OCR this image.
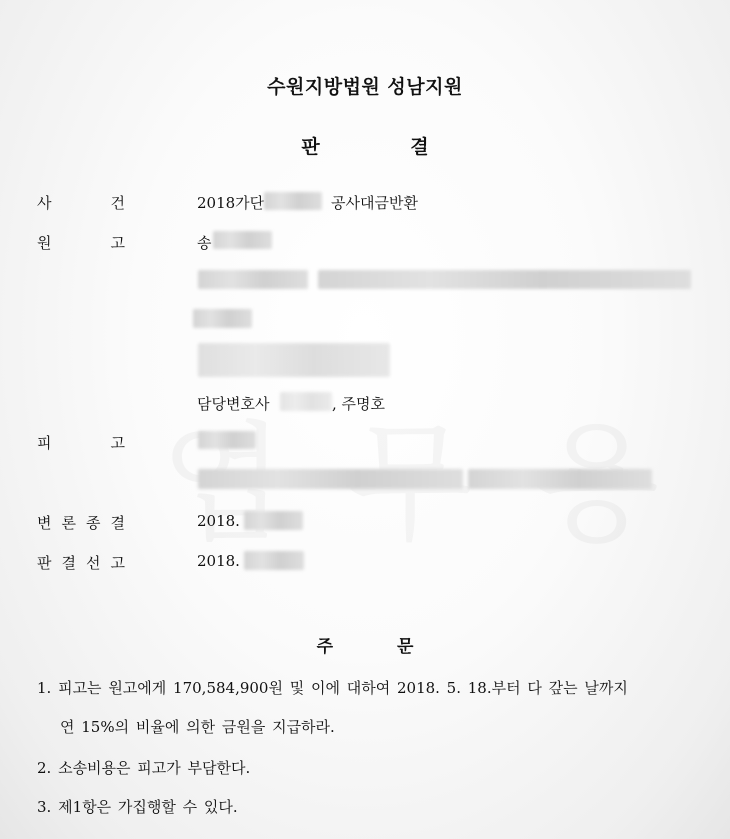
수원지방법원 성남지원
판 결
사	건	2018가단	공사대금반환
원	고	송
담당변호사	, 주명호
피	고
변 론 종 결	2018.
판 결 선 고	2018.
주 문
1. 피고는 원고에게 170,584,900원 및 이에 대하여 2018. 5. 18.부터 다 갚는 날까지
연 15%의 비율에 의한 금원을 지급하라.
2. 소송비용은 피고가 부담한다.
3. 제1항은 가집행할 수 있다.
